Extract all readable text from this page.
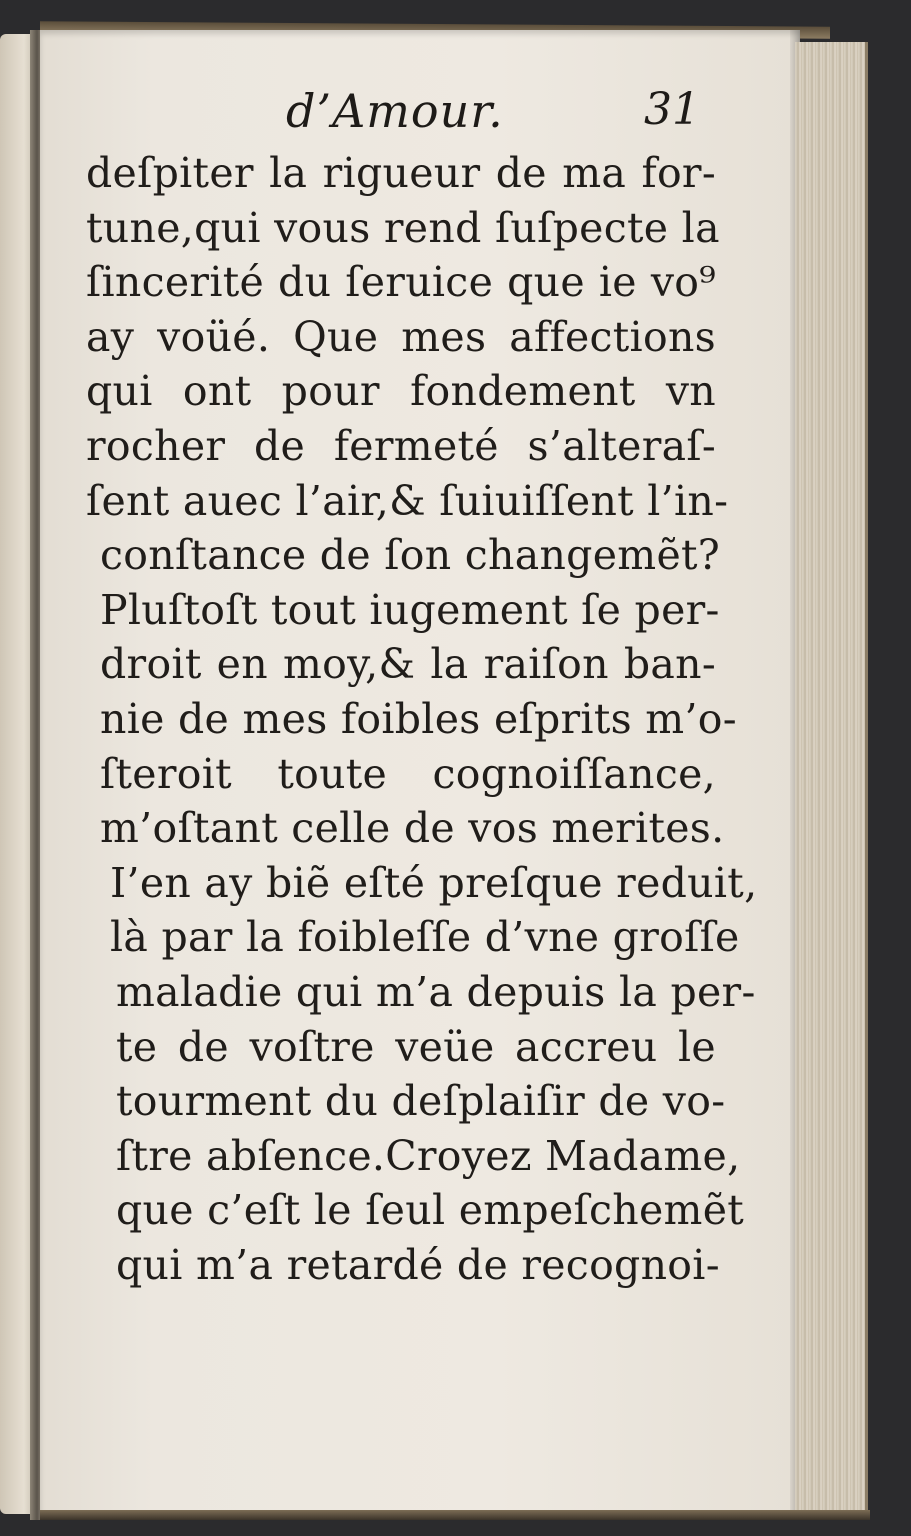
d’Amour.	31
deſpiter la rigueur de ma for-
tune,qui vous rend ſuſpecte la
ſincerité du ſeruice que ie vo⁹
ay voüé. Que mes affections
qui ont pour fondement vn
rocher de fermeté s’alteraſ-
ſent auec l’air,& ſuiuiſſent l’in-
conſtance de ſon changemẽt?
Pluſtoſt tout iugement ſe per-
droit en moy,& la raiſon ban-
nie de mes foibles eſprits m’o-
ſteroit toute cognoiſſance,
m’oſtant celle de vos merites.
I’en ay biẽ eſté preſque reduit,
là par la foibleſſe d’vne groſſe
maladie qui m’a depuis la per-
te de voſtre veüe accreu le
tourment du deſplaiſir de vo-
ſtre abſence.Croyez Madame,
que c’eſt le ſeul empeſchemẽt
qui m’a retardé de recognoi-
